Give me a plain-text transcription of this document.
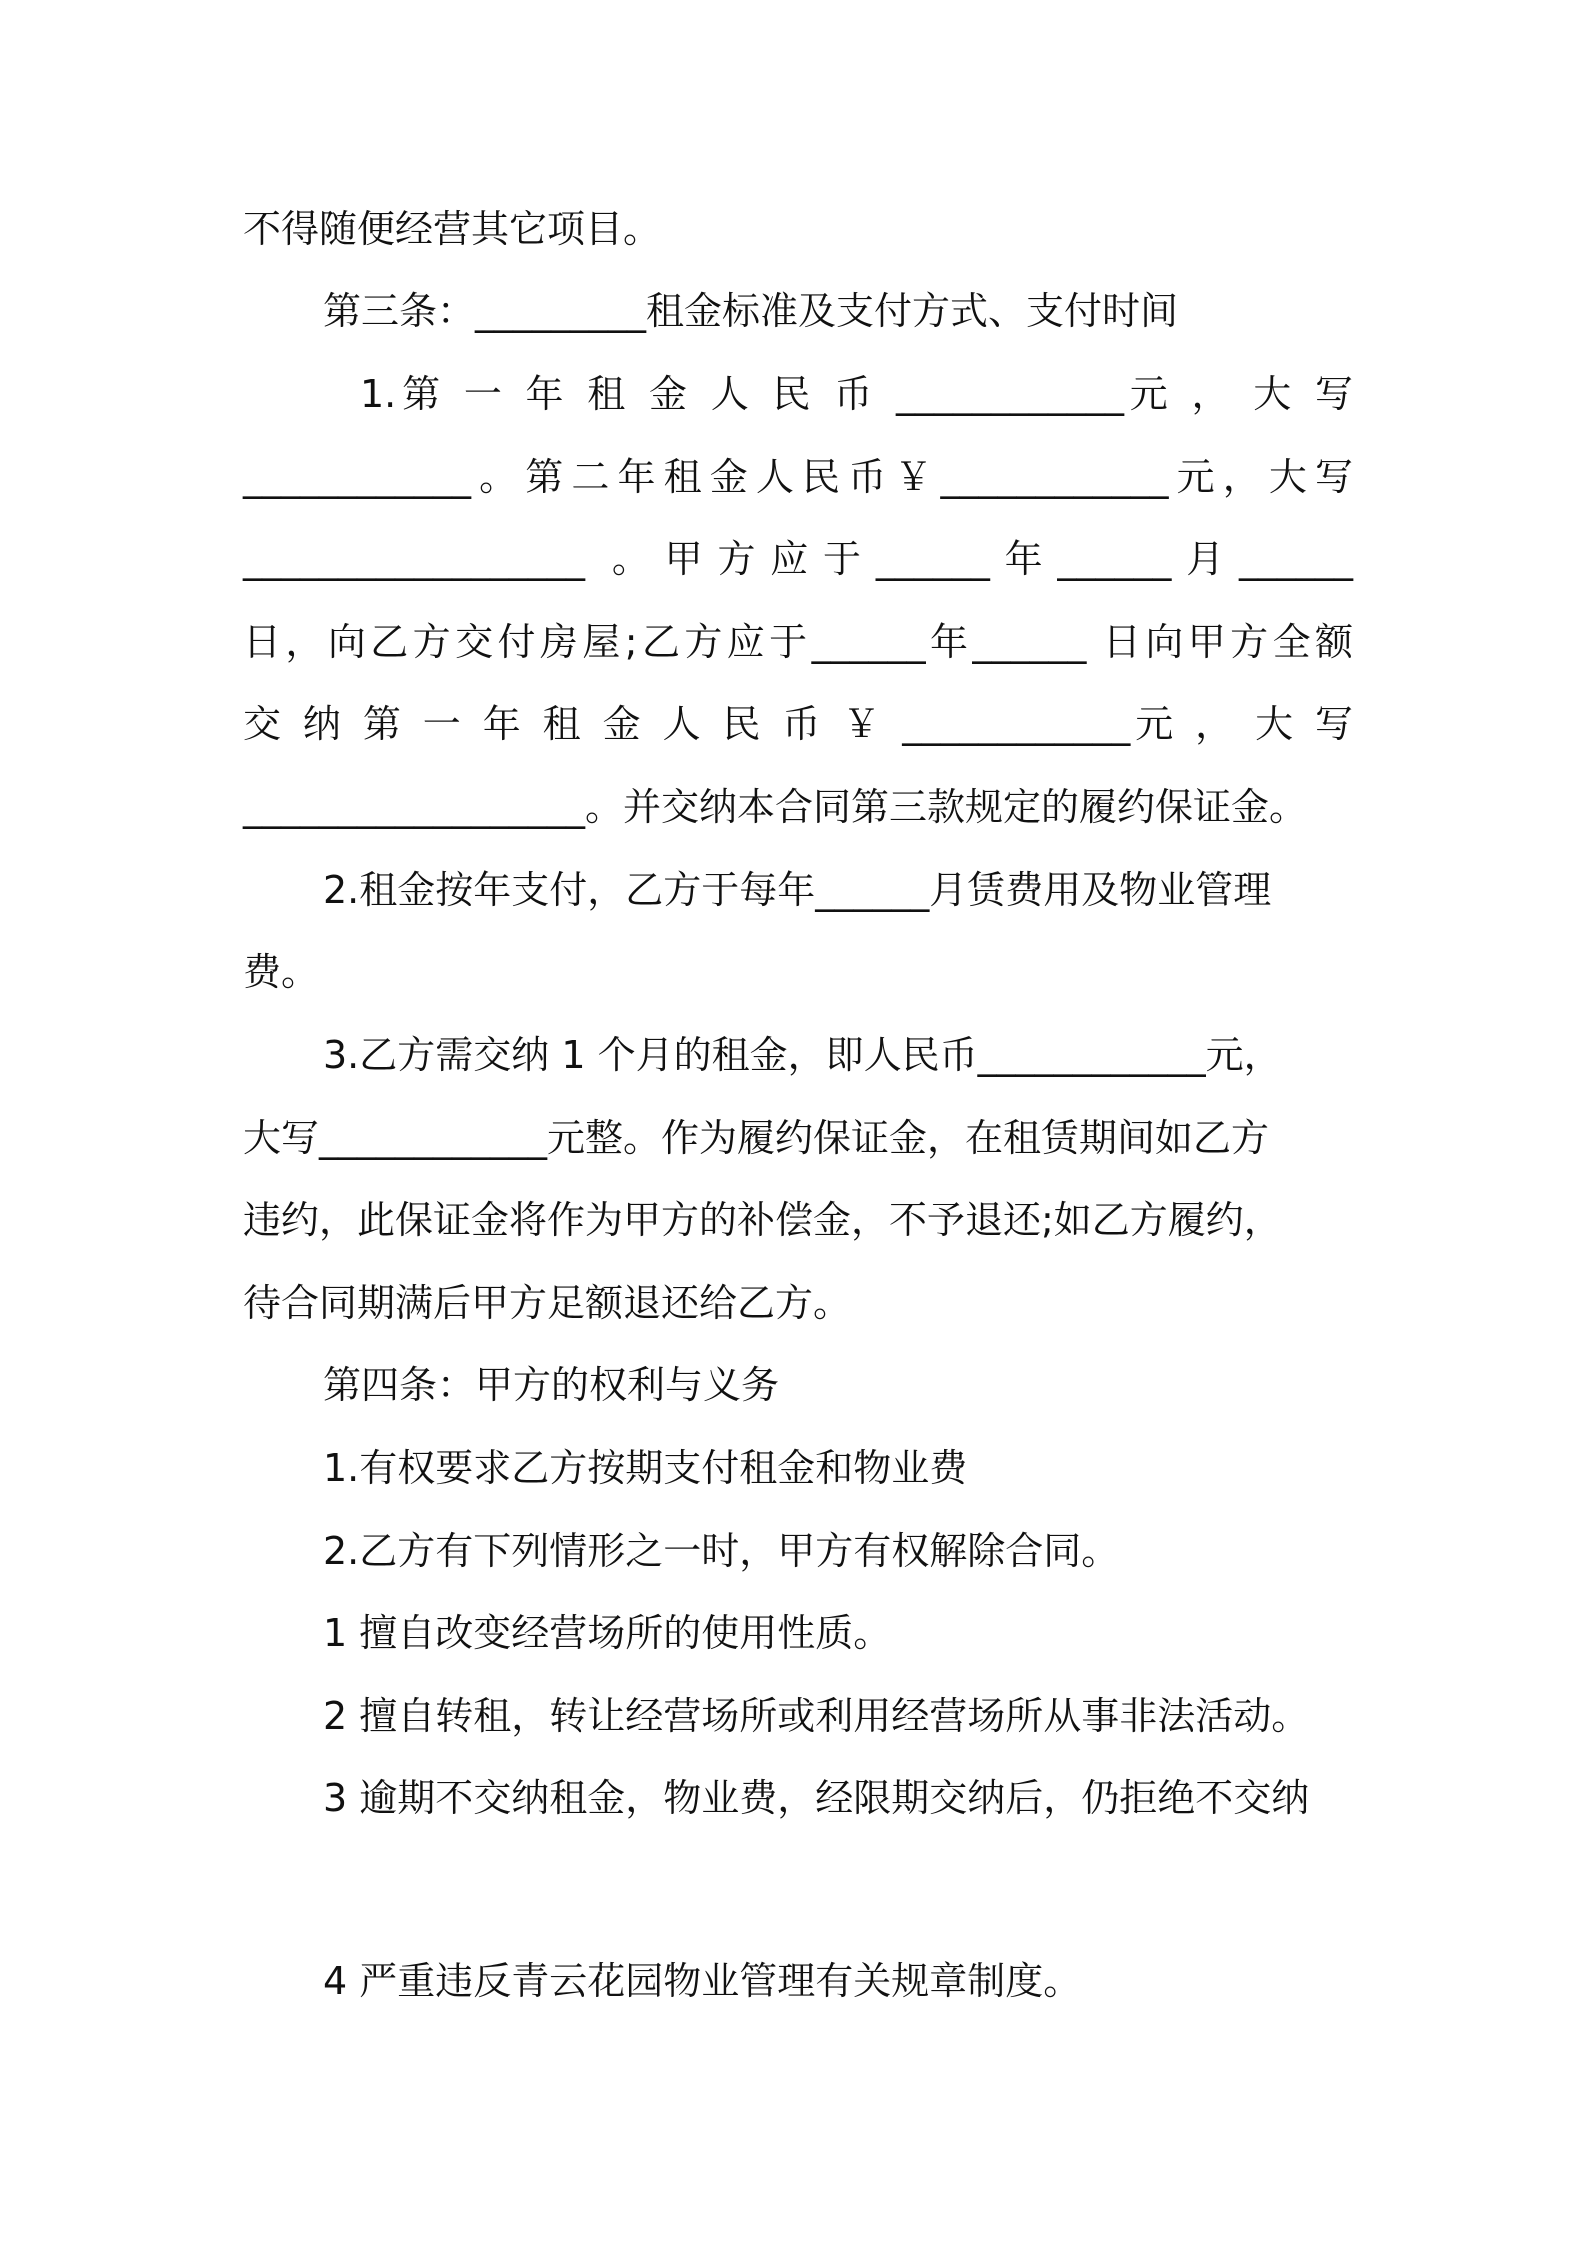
不得随便经营其它项目。
第三条：_________租金标准及支付方式、支付时间
1.第 一 年 租 金 人 民 币 ____________元 ， 大 写
____________。第二年租金人民币￥____________元，大写
__________________ 。甲方应于______年______月______
日，向乙方交付房屋;乙方应于______年______ 日向甲方全额
交 纳 第 一 年 租 金 人 民 币 ￥ ____________元 ， 大 写
__________________。并交纳本合同第三款规定的履约保证金。
2.租金按年支付，乙方于每年______月赁费用及物业管理
费。
3.乙方需交纳 1 个月的租金，即人民币____________元，
大写____________元整。作为履约保证金，在租赁期间如乙方
违约，此保证金将作为甲方的补偿金，不予退还;如乙方履约，
待合同期满后甲方足额退还给乙方。
第四条：甲方的权利与义务
1.有权要求乙方按期支付租金和物业费
2.乙方有下列情形之一时，甲方有权解除合同。
1 擅自改变经营场所的使用性质。
2 擅自转租，转让经营场所或利用经营场所从事非法活动。
3 逾期不交纳租金，物业费，经限期交纳后，仍拒绝不交纳
4 严重违反青云花园物业管理有关规章制度。
